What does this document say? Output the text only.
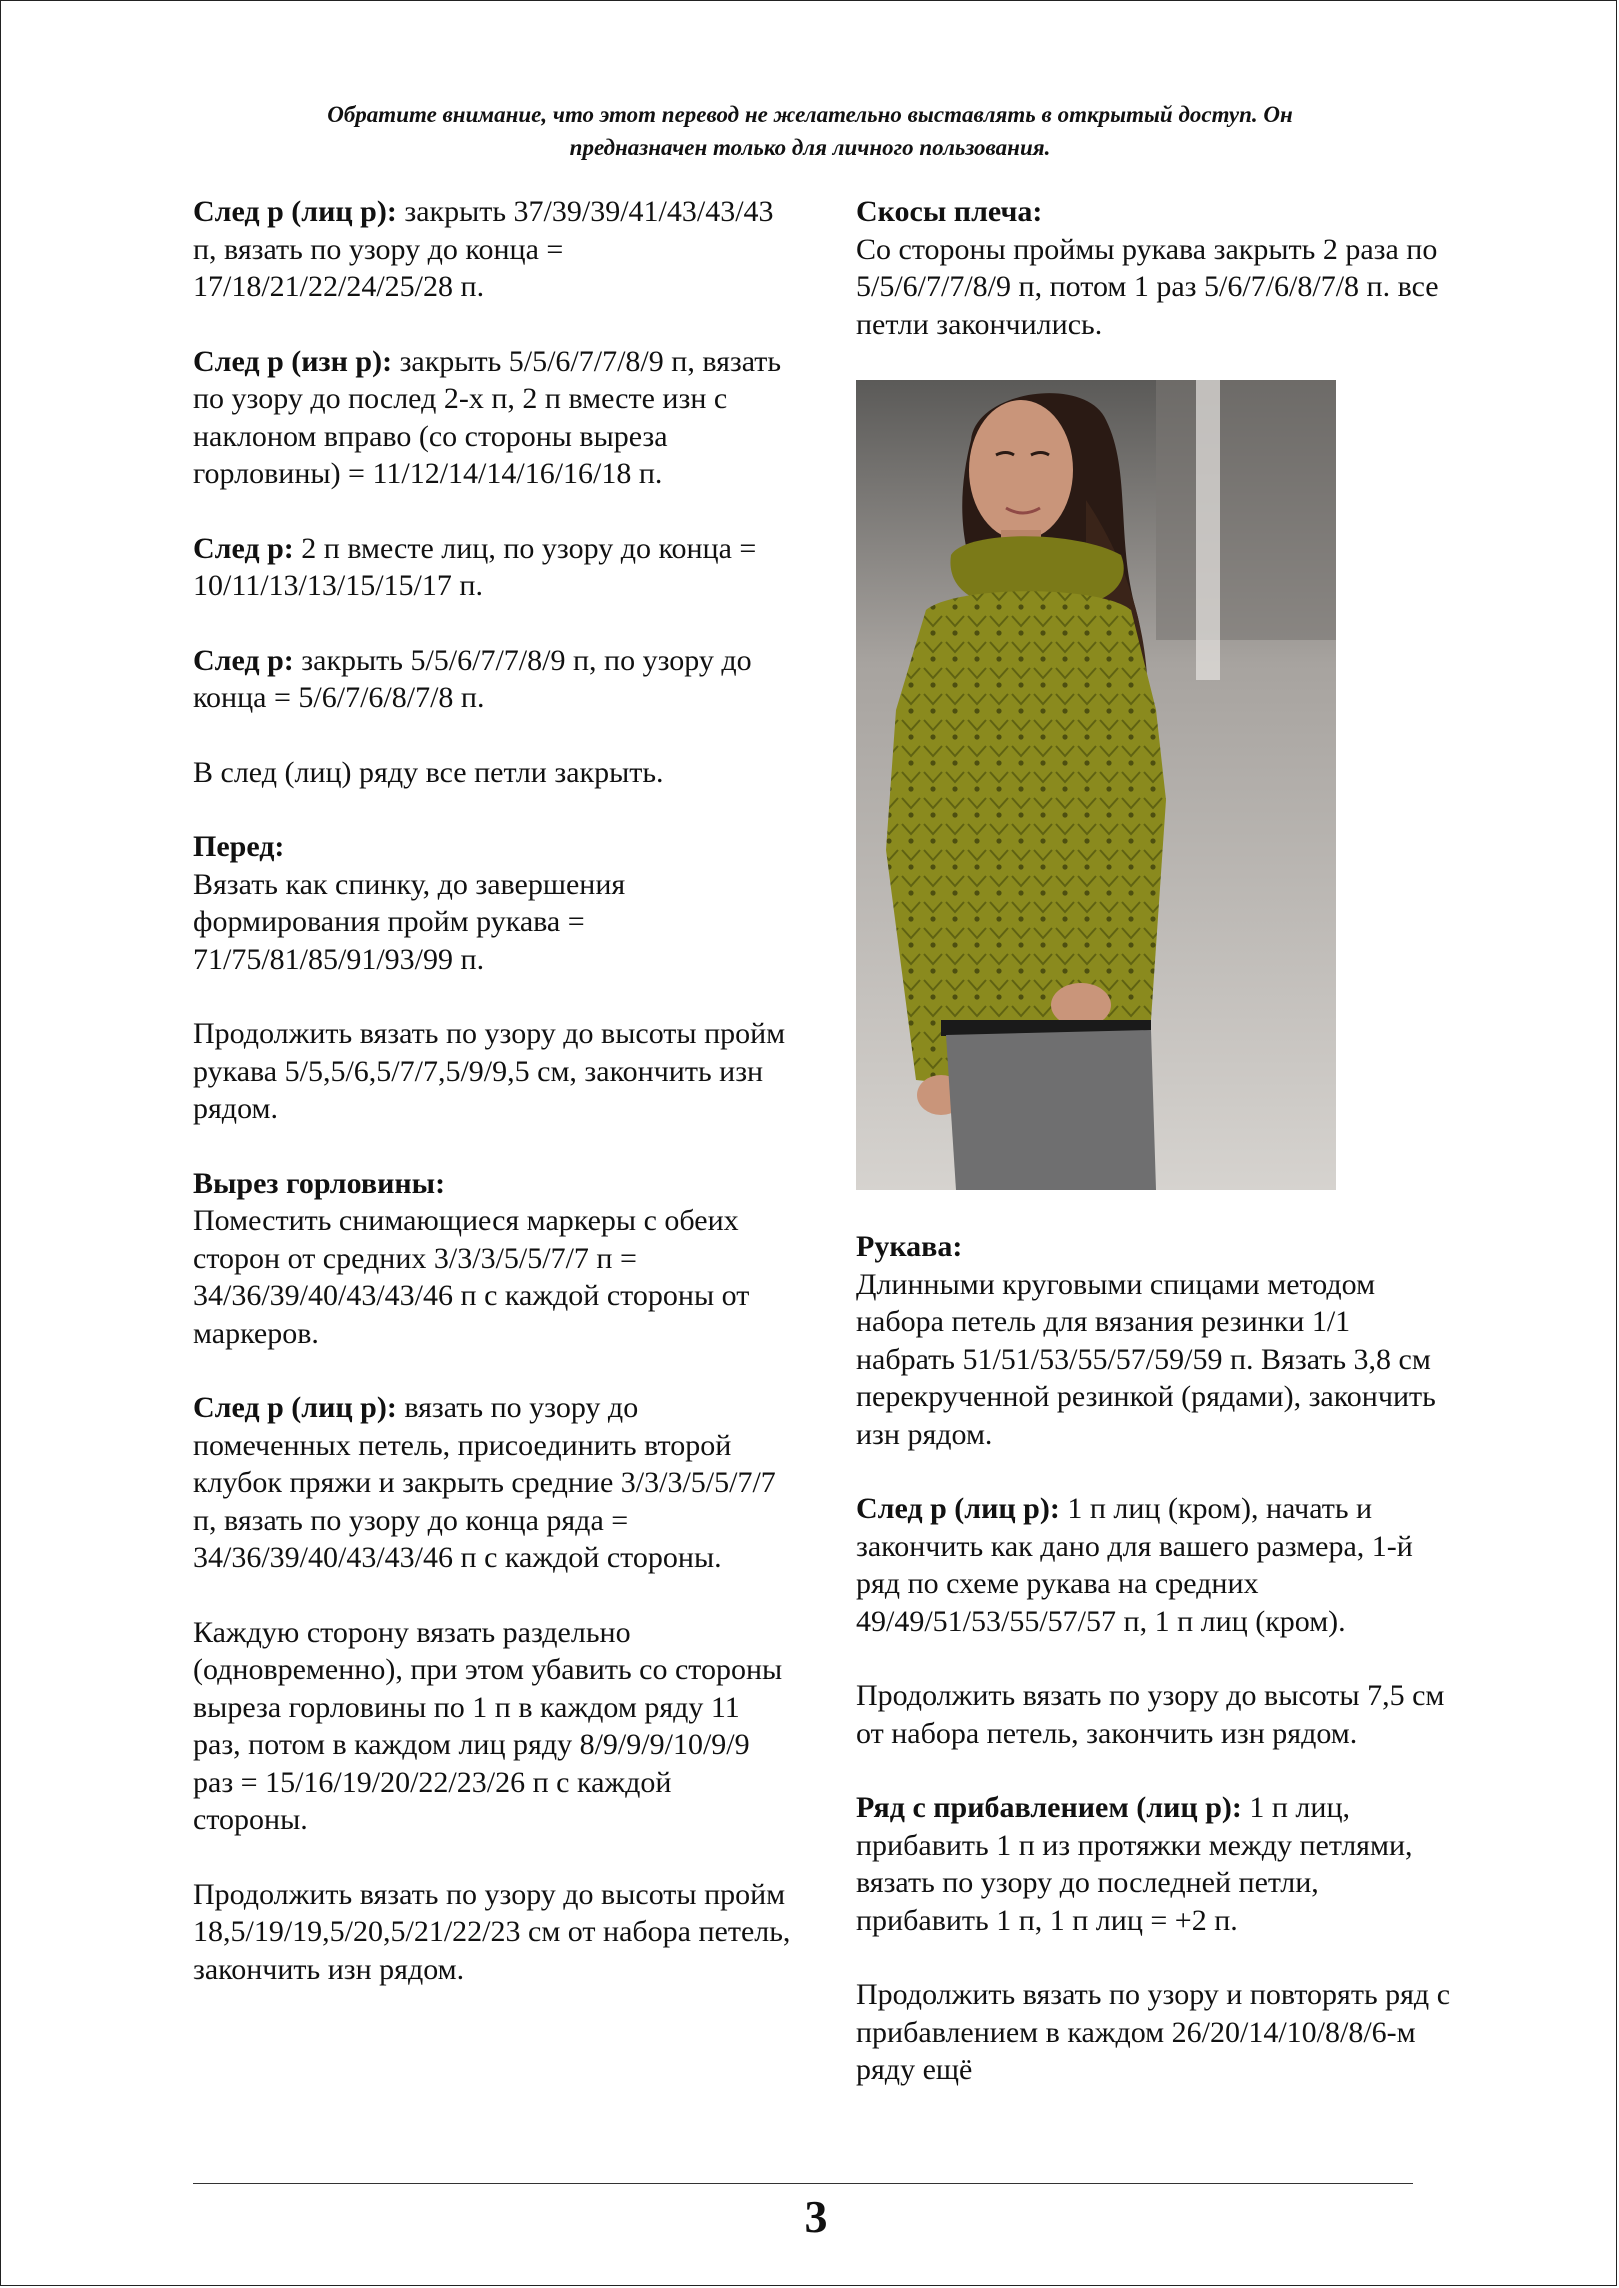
Обратите внимание, что этот перевод не желательно выставлять в открытый доступ. Он
предназначен только для личного пользования.

След р (лиц р): закрыть 37/39/39/41/43/43/43 п, вязать по узору до конца = 17/18/21/22/24/25/28 п.

След р (изн р): закрыть 5/5/6/7/7/8/9 п, вязать по узору до послед 2-х п, 2 п вместе изн с наклоном вправо (со стороны выреза горловины) = 11/12/14/14/16/16/18 п.

След р: 2 п вместе лиц, по узору до конца = 10/11/13/13/15/15/17 п.

След р: закрыть 5/5/6/7/7/8/9 п, по узору до конца = 5/6/7/6/8/7/8 п.

В след (лиц) ряду все петли закрыть.

Перед:
Вязать как спинку, до завершения формирования пройм рукава = 71/75/81/85/91/93/99 п.

Продолжить вязать по узору до высоты пройм рукава 5/5,5/6,5/7/7,5/9/9,5 см, закончить изн рядом.

Вырез горловины:
Поместить снимающиеся маркеры с обеих сторон от средних 3/3/3/5/5/7/7 п = 34/36/39/40/43/43/46 п с каждой стороны от маркеров.

След р (лиц р): вязать по узору до помеченных петель, присоединить второй клубок пряжи и закрыть средние 3/3/3/5/5/7/7 п, вязать по узору до конца ряда = 34/36/39/40/43/43/46 п с каждой стороны.

Каждую сторону вязать раздельно (одновременно), при этом убавить со стороны выреза горловины по 1 п в каждом ряду 11 раз, потом в каждом лиц ряду 8/9/9/9/10/9/9 раз = 15/16/19/20/22/23/26 п с каждой стороны.

Продолжить вязать по узору до высоты пройм 18,5/19/19,5/20,5/21/22/23 см от набора петель, закончить изн рядом.

Скосы плеча:
Со стороны проймы рукава закрыть 2 раза по 5/5/6/7/7/8/9 п, потом 1 раз 5/6/7/6/8/7/8 п. все петли закончились.

Рукава:
Длинными круговыми спицами методом набора петель для вязания резинки 1/1 набрать 51/51/53/55/57/59/59 п. Вязать 3,8 см перекрученной резинкой (рядами), закончить изн рядом.

След р (лиц р): 1 п лиц (кром), начать и закончить как дано для вашего размера, 1-й ряд по схеме рукава на средних 49/49/51/53/55/57/57 п, 1 п лиц (кром).

Продолжить вязать по узору до высоты 7,5 см от набора петель, закончить изн рядом.

Ряд с прибавлением (лиц р): 1 п лиц, прибавить 1 п из протяжки между петлями, вязать по узору до последней петли, прибавить 1 п, 1 п лиц = +2 п.

Продолжить вязать по узору и повторять ряд с прибавлением в каждом 26/20/14/10/8/8/6-м ряду ещё

3
